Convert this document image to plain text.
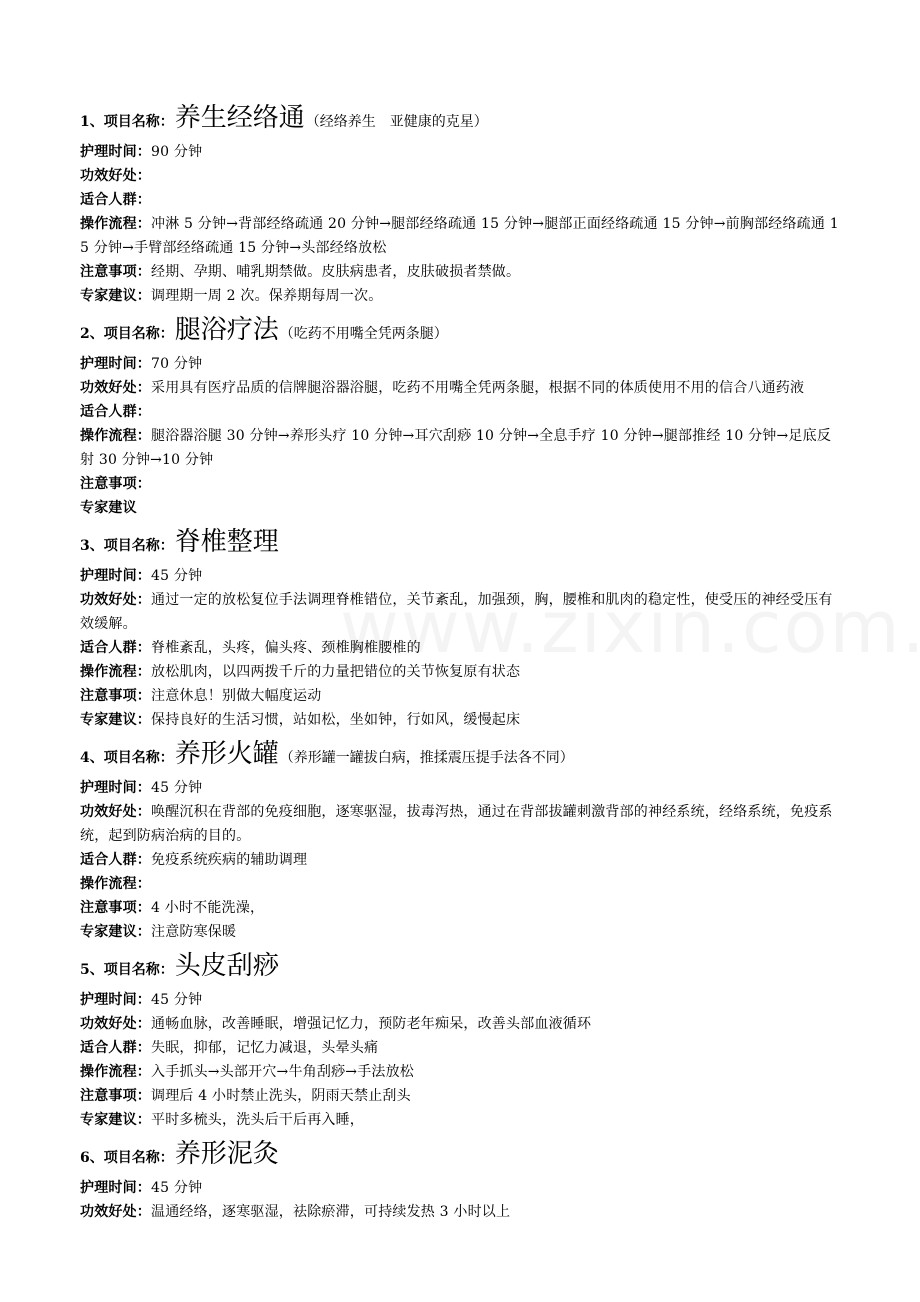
1、项目名称： 养生经络通 （经络养生　亚健康的克星）
护理时间：90 分钟
功效好处：
适合人群：
操作流程：冲淋 5 分钟→背部经络疏通 20 分钟→腿部经络疏通 15 分钟→腿部正面经络疏通 15 分钟→前胸部经络疏通 15 分钟→手臂部经络疏通 15 分钟→头部经络放松
注意事项：经期、孕期、哺乳期禁做。皮肤病患者，皮肤破损者禁做。
专家建议：调理期一周 2 次。保养期每周一次。
2、项目名称： 腿浴疗法 （吃药不用嘴全凭两条腿）
护理时间：70 分钟
功效好处：采用具有医疗品质的信牌腿浴器浴腿，吃药不用嘴全凭两条腿，根据不同的体质使用不用的信合八通药液
适合人群：
操作流程：腿浴器浴腿 30 分钟→养形头疗 10 分钟→耳穴刮痧 10 分钟→全息手疗 10 分钟→腿部推经 10 分钟→足底反射 30 分钟→10 分钟
注意事项：
专家建议
3、项目名称： 脊椎整理
护理时间：45 分钟
功效好处：通过一定的放松复位手法调理脊椎错位，关节紊乱，加强颈，胸，腰椎和肌肉的稳定性，使受压的神经受压有效缓解。
适合人群：脊椎紊乱，头疼，偏头疼、颈椎胸椎腰椎的
操作流程：放松肌肉，以四两拨千斤的力量把错位的关节恢复原有状态
注意事项：注意休息！别做大幅度运动
专家建议：保持良好的生活习惯，站如松，坐如钟，行如风，缓慢起床
4、项目名称： 养形火罐 （养形罐一罐拔白病，推揉震压提手法各不同）
护理时间：45 分钟
功效好处：唤醒沉积在背部的免疫细胞，逐寒驱湿，拔毒泻热，通过在背部拔罐刺激背部的神经系统，经络系统，免疫系统，起到防病治病的目的。
适合人群：免疫系统疾病的辅助调理
操作流程：
注意事项：4 小时不能洗澡，
专家建议：注意防寒保暖
5、项目名称： 头皮刮痧
护理时间：45 分钟
功效好处：通畅血脉，改善睡眠，增强记忆力，预防老年痴呆，改善头部血液循环
适合人群：失眠，抑郁，记忆力减退，头晕头痛
操作流程：入手抓头→头部开穴→牛角刮痧→手法放松
注意事项：调理后 4 小时禁止洗头，阴雨天禁止刮头
专家建议：平时多梳头，洗头后干后再入睡，
6、项目名称： 养形泥灸
护理时间：45 分钟
功效好处：温通经络，逐寒驱湿，祛除瘀滞，可持续发热 3 小时以上
